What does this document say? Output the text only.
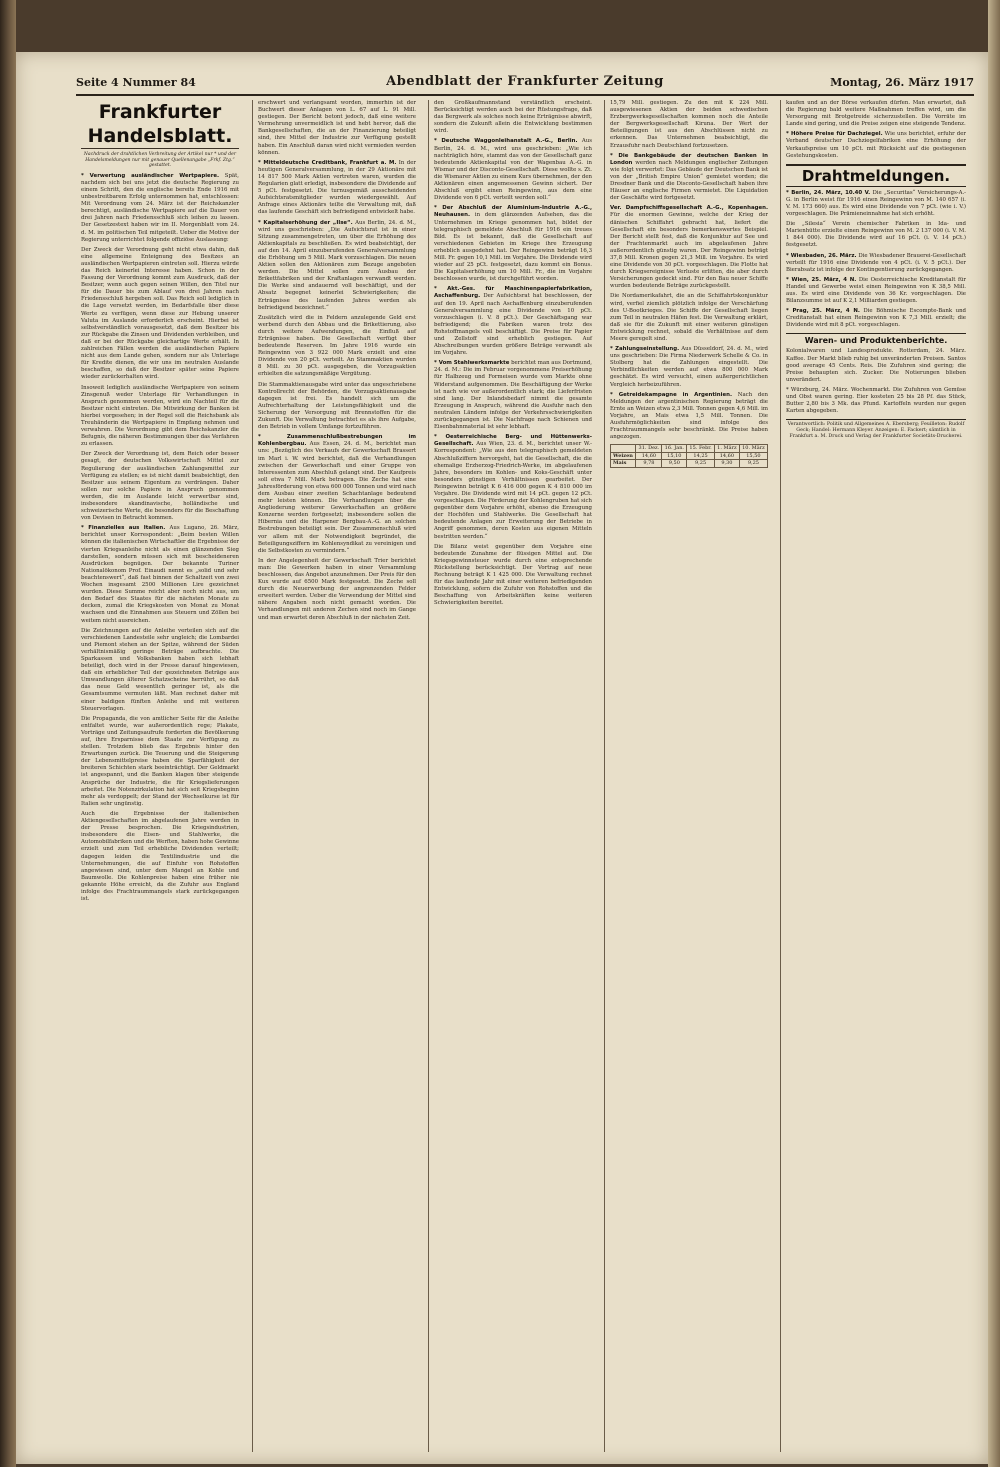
Seite 4 Nummer 84	Abendblatt der Frankfurter Zeitung	Montag, 26. März 1917
Frankfurter Handelsblatt.
Nachdruck der drahtlichen Verbreitung der Artikel nur * und der Handelsmeldungen nur mit genauer Quellenangabe „Frkf. Ztg.“ gestattet.

* Verwertung ausländischer Wertpapiere. Spät, nachdem sich bei uns jetzt die deutsche Regierung zu einem Schritt, den die englische bereits Ende 1916 mit unbestreitbarem Erfolg unternommen hat, entschlossen: Mit Verordnung vom 24. März ist der Reichskanzler berechtigt, ausländische Wertpapiere auf die Dauer von drei Jahren nach Friedensschluß sich leihen zu lassen. Der Gesetzestext haben wir im II. Morgenblatt vom 24. d. M. im politischen Teil mitgeteilt. Ueber die Motive der Regierung unterrichtet folgende offiziöse Auslassung:

Der Zweck der Verordnung geht nicht etwa dahin, daß eine allgemeine Enteignung des Besitzes an ausländischen Wertpapieren eintreten soll. Hierzu würde das Reich keinerlei Interesse haben. Schon in der Fassung der Verordnung kommt zum Ausdruck, daß der Besitzer, wenn auch gegen seinen Willen, den Titel nur für die Dauer bis zum Ablauf von drei Jahren nach Friedensschluß hergeben soll. Das Reich soll lediglich in die Lage versetzt werden, im Bedarfsfalle über diese Werte zu verfügen, wenn diese zur Hebung unserer Valuta im Auslande erforderlich erscheint. Hierbei ist selbstverständlich vorausgesetzt, daß dem Besitzer bis zur Rückgabe die Zinsen und Dividenden verbleiben, und daß er bei der Rückgabe gleichartige Werte erhält. In zahlreichen Fällen werden die ausländischen Papiere nicht aus dem Lande gehen, sondern nur als Unterlage für Kredite dienen, die wir uns im neutralen Auslande beschaffen, so daß der Besitzer später seine Papiere wieder zurückerhalten wird.

Insoweit lediglich ausländische Wertpapiere von seinem Zinsgenuß weder Unterlage für Verhandlungen in Anspruch genommen werden, wird ein Nachteil für die Besitzer nicht eintreten. Die Mitwirkung der Banken ist hierbei vorgesehen; in der Regel soll die Reichsbank als Treuhänderin die Wertpapiere in Empfang nehmen und verwahren. Die Verordnung gibt dem Reichskanzler die Befugnis, die näheren Bestimmungen über das Verfahren zu erlassen.

Der Zweck der Verordnung ist, dem Reich oder besser gesagt, der deutschen Volkswirtschaft Mittel zur Regulierung der ausländischen Zahlungsmittel zur Verfügung zu stellen; es ist nicht damit beabsichtigt, den Besitzer aus seinem Eigentum zu verdrängen. Daher sollen nur solche Papiere in Anspruch genommen werden, die im Auslande leicht verwertbar sind, insbesondere skandinavische, holländische und schweizerische Werte, die besonders für die Beschaffung von Devisen in Betracht kommen.

* Finanzielles aus Italien. Aus Lugano, 26. März, berichtet unser Korrespondent: „Beim besten Willen können die italienischen Wirtschaftler die Ergebnisse der vierten Kriegsanleihe nicht als einen glänzenden Sieg darstellen, sondern müssen sich mit bescheideneren Ausdrücken begnügen. Der bekannte Turiner Nationalökonom Prof. Einaudi nennt es „solid und sehr beachtenswert“, daß fast binnen der Schaltzeit von zwei Wochen insgesamt 2500 Millionen Lire gezeichnet wurden. Diese Summe reicht aber noch nicht aus, um den Bedarf des Staates für die nächsten Monate zu decken, zumal die Kriegskosten von Monat zu Monat wachsen und die Einnahmen aus Steuern und Zöllen bei weitem nicht ausreichen.

Die Zeichnungen auf die Anleihe verteilen sich auf die verschiedenen Landesteile sehr ungleich; die Lombardei und Piemont stehen an der Spitze, während der Süden verhältnismäßig geringe Beträge aufbrachte. Die Sparkassen und Volksbanken haben sich lebhaft beteiligt, doch wird in der Presse darauf hingewiesen, daß ein erheblicher Teil der gezeichneten Beträge aus Umwandlungen älterer Schatzscheine herrührt, so daß das neue Geld wesentlich geringer ist, als die Gesamtsumme vermuten läßt. Man rechnet daher mit einer baldigen fünften Anleihe und mit weiteren Steuervorlagen.

Die Propaganda, die von amtlicher Seite für die Anleihe entfaltet wurde, war außerordentlich rege; Plakate, Vorträge und Zeitungsaufrufe forderten die Bevölkerung auf, ihre Ersparnisse dem Staate zur Verfügung zu stellen. Trotzdem blieb das Ergebnis hinter den Erwartungen zurück. Die Teuerung und die Steigerung der Lebensmittelpreise haben die Sparfähigkeit der breiteren Schichten stark beeinträchtigt. Der Geldmarkt ist angespannt, und die Banken klagen über steigende Ansprüche der Industrie, die für Kriegslieferungen arbeitet. Die Notenzirkulation hat sich seit Kriegsbeginn mehr als verdoppelt; der Stand der Wechselkurse ist für Italien sehr ungünstig.

Auch die Ergebnisse der italienischen Aktiengesellschaften im abgelaufenen Jahre werden in der Presse besprochen. Die Kriegsindustrien, insbesondere die Eisen- und Stahlwerke, die Automobilfabriken und die Werften, haben hohe Gewinne erzielt und zum Teil erhebliche Dividenden verteilt; dagegen leiden die Textilindustrie und die Unternehmungen, die auf Einfuhr von Rohstoffen angewiesen sind, unter dem Mangel an Kohle und Baumwolle. Die Kohlenpreise haben eine früher nie gekannte Höhe erreicht, da die Zufuhr aus England infolge des Frachtraummangels stark zurückgegangen ist.

erschwert und verlangsamt worden, immerhin ist der Buchwert dieser Anlagen von L. 67 auf L. 91 Mill. gestiegen. Der Bericht betont jedoch, daß eine weitere Vermehrung unvermeidlich ist und hebt hervor, daß die Bankgesellschaften, die an der Finanzierung beteiligt sind, ihre Mittel der Industrie zur Verfügung gestellt haben. Ein Anschluß daran wird nicht vermieden werden können.

* Mitteldeutsche Creditbank, Frankfurt a. M. In der heutigen Generalversammlung, in der 29 Aktionäre mit 14 817 500 Mark Aktien vertreten waren, wurden die Regularien glatt erledigt, insbesondere die Dividende auf 5 pCt. festgesetzt. Die turnusgemäß ausscheidenden Aufsichtsratsmitglieder wurden wiedergewählt. Auf Anfrage eines Aktionärs teilte die Verwaltung mit, daß das laufende Geschäft sich befriedigend entwickelt habe.

* Kapitalserhöhung der „Ilse“. Aus Berlin, 24. d. M., wird uns geschrieben: „Die Aufsichtsrat ist in einer Sitzung zusammengetreten, um über die Erhöhung des Aktienkapitals zu beschließen. Es wird beabsichtigt, der auf den 14. April einzuberufenden Generalversammlung die Erhöhung um 5 Mill. Mark vorzuschlagen. Die neuen Aktien sollen den Aktionären zum Bezuge angeboten werden. Die Mittel sollen zum Ausbau der Brikettfabriken und der Kraftanlagen verwandt werden. Die Werke sind andauernd voll beschäftigt, und der Absatz begegnet keinerlei Schwierigkeiten; die Erträgnisse des laufenden Jahres werden als befriedigend bezeichnet.“

Zusätzlich wird die in Feldern anzulegende Geld erst werbend durch den Abbau und die Brikettierung, also durch weitere Aufwendungen, die Einfluß auf Erträgnisse haben. Die Gesellschaft verfügt über bedeutende Reserven. Im Jahre 1916 wurde ein Reingewinn von 3 922 000 Mark erzielt und eine Dividende von 20 pCt. verteilt. An Stammaktien wurden 8 Mill. zu 30 pCt. ausgegeben, die Vorzugsaktien erhielten die satzungsmäßige Vergütung.

Die Stammaktienausgabe wird unter das ungeschriebene Kontrollrecht der Behörden, die Vorzugsaktienausgabe dagegen ist frei. Es handelt sich um die Aufrechterhaltung der Leistungsfähigkeit und die Sicherung der Versorgung mit Brennstoffen für die Zukunft. Die Verwaltung betrachtet es als ihre Aufgabe, den Betrieb in vollem Umfange fortzuführen.

* Zusammenschlußbestrebungen im Kohlenbergbau. Aus Essen, 24. d. M., berichtet man uns: „Bezüglich des Verkaufs der Gewerkschaft Brassert im Marl i. W. wird berichtet, daß die Verhandlungen zwischen der Gewerkschaft und einer Gruppe von Interessenten zum Abschluß gelangt sind. Der Kaufpreis soll etwa 7 Mill. Mark betragen. Die Zeche hat eine Jahresförderung von etwa 600 000 Tonnen und wird nach dem Ausbau einer zweiten Schachtanlage bedeutend mehr leisten können. Die Verhandlungen über die Angliederung weiterer Gewerkschaften an größere Konzerne werden fortgesetzt; insbesondere sollen die Hibernia und die Harpener Bergbau-A.-G. an solchen Bestrebungen beteiligt sein. Der Zusammenschluß wird vor allem mit der Notwendigkeit begründet, die Beteiligungsziffern im Kohlensyndikat zu vereinigen und die Selbstkosten zu vermindern.“

In der Angelegenheit der Gewerkschaft Trier berichtet man: Die Gewerken haben in einer Versammlung beschlossen, das Angebot anzunehmen. Der Preis für den Kux wurde auf 6500 Mark festgesetzt. Die Zeche soll durch die Neuerwerbung der angrenzenden Felder erweitert werden. Ueber die Verwendung der Mittel sind nähere Angaben noch nicht gemacht worden. Die Verhandlungen mit anderen Zechen sind noch im Gange und man erwartet deren Abschluß in der nächsten Zeit.

den Großkaufmannstand verständlich erscheint. Berücksichtigt werden auch bei der Rüstungsfrage, daß das Bergwerk als solches noch keine Erträgnisse abwirft, sondern die Zukunft allein die Entwicklung bestimmen wird.

* Deutsche Waggonleihanstalt A.-G., Berlin. Aus Berlin, 24. d. M., wird uns geschrieben: „Wie ich nachträglich höre, stammt das von der Gesellschaft ganz bedeutende Aktienkapital von der Wagenbau A.-G. in Wismar und der Disconto-Gesellschaft. Diese wollte s. Zt. die Wismarer Aktien zu einem Kurs übernehmen, der den Aktionären einen angemessenen Gewinn sichert. Der Abschluß ergibt einen Reingewinn, aus dem eine Dividende von 6 pCt. verteilt werden soll.“

* Der Abschluß der Aluminium-Industrie A.-G., Neuhausen. in dem glänzenden Aufsehen, das die Unternehmen im Kriege genommen hat, bildet der telegraphisch gemeldete Abschluß für 1916 ein treues Bild. Es ist bekannt, daß die Gesellschaft auf verschiedenen Gebieten im Kriege ihre Erzeugung erheblich ausgedehnt hat. Der Reingewinn beträgt 16,3 Mill. Fr. gegen 10,1 Mill. im Vorjahre. Die Dividende wird wieder auf 25 pCt. festgesetzt, dazu kommt ein Bonus. Die Kapitalserhöhung um 10 Mill. Fr., die im Vorjahre beschlossen wurde, ist durchgeführt worden.

* Akt.-Ges. für Maschinenpapierfabrikation, Aschaffenburg. Der Aufsichtsrat hat beschlossen, der auf den 19. April nach Aschaffenburg einzuberufenden Generalversammlung eine Dividende von 10 pCt. vorzuschlagen (i. V. 8 pCt.). Der Geschäftsgang war befriedigend; die Fabriken waren trotz des Rohstoffmangels voll beschäftigt. Die Preise für Papier und Zellstoff sind erheblich gestiegen. Auf Abschreibungen wurden größere Beträge verwandt als im Vorjahre.

* Vom Stahlwerksmarkte berichtet man aus Dortmund, 24. d. M.: Die im Februar vorgenommene Preiserhöhung für Halbzeug und Formeisen wurde vom Markte ohne Widerstand aufgenommen. Die Beschäftigung der Werke ist nach wie vor außerordentlich stark; die Lieferfristen sind lang. Der Inlandsbedarf nimmt die gesamte Erzeugung in Anspruch, während die Ausfuhr nach den neutralen Ländern infolge der Verkehrsschwierigkeiten zurückgegangen ist. Die Nachfrage nach Schienen und Eisenbahnmaterial ist sehr lebhaft.

* Oesterreichische Berg- und Hüttenwerks-Gesellschaft. Aus Wien, 23. d. M., berichtet unser W.-Korrespondent: „Wie aus den telegraphisch gemeldeten Abschlußziffern hervorgeht, hat die Gesellschaft, die die ehemalige Erzherzog-Friedrich-Werke, im abgelaufenen Jahre, besonders im Kohlen- und Koks-Geschäft unter besonders günstigen Verhältnissen gearbeitet. Der Reingewinn beträgt K 6 416 000 gegen K 4 810 000 im Vorjahre. Die Dividende wird mit 14 pCt. gegen 12 pCt. vorgeschlagen. Die Förderung der Kohlengruben hat sich gegenüber dem Vorjahre erhöht, ebenso die Erzeugung der Hochöfen und Stahlwerke. Die Gesellschaft hat bedeutende Anlagen zur Erweiterung der Betriebe in Angriff genommen, deren Kosten aus eigenen Mitteln bestritten werden.“

Die Bilanz weist gegenüber dem Vorjahre eine bedeutende Zunahme der flüssigen Mittel auf. Die Kriegsgewinnsteuer wurde durch eine entsprechende Rückstellung berücksichtigt. Der Vortrag auf neue Rechnung beträgt K 1 425 000. Die Verwaltung rechnet für das laufende Jahr mit einer weiteren befriedigenden Entwicklung, sofern die Zufuhr von Rohstoffen und die Beschaffung von Arbeitskräften keine weiteren Schwierigkeiten bereitet.

15,79 Mill. gestiegen. Zu den mit K 224 Mill. ausgewiesenen Aktien der beiden schwedischen Erzbergwerksgesellschaften kommen noch die Anteile der Bergwerksgesellschaft Kiruna. Der Wert der Beteiligungen ist aus den Abschlüssen nicht zu erkennen. Das Unternehmen beabsichtigt, die Erzausfuhr nach Deutschland fortzusetzen.

* Die Bankgebäude der deutschen Banken in London werden nach Meldungen englischer Zeitungen wie folgt verwertet: Das Gebäude der Deutschen Bank ist von der „British Empire Union“ gemietet worden; die Dresdner Bank und die Disconto-Gesellschaft haben ihre Häuser an englische Firmen vermietet. Die Liquidation der Geschäfte wird fortgesetzt.

Ver. Dampfschiffsgesellschaft A.-G., Kopenhagen. Für die enormen Gewinne, welche der Krieg der dänischen Schiffahrt gebracht hat, liefert die Gesellschaft ein besonders bemerkenswertes Beispiel. Der Bericht stellt fest, daß die Konjunktur auf See und der Frachtenmarkt auch im abgelaufenen Jahre außerordentlich günstig waren. Der Reingewinn beträgt 37,8 Mill. Kronen gegen 21,3 Mill. im Vorjahre. Es wird eine Dividende von 30 pCt. vorgeschlagen. Die Flotte hat durch Kriegsereignisse Verluste erlitten, die aber durch Versicherungen gedeckt sind. Für den Bau neuer Schiffe wurden bedeutende Beträge zurückgestellt.

Die Nordamerikafahrt, die an die Schiffahrtskonjunktur wird, verfiel ziemlich plötzlich infolge der Verschärfung des U-Bootkrieges. Die Schiffe der Gesellschaft liegen zum Teil in neutralen Häfen fest. Die Verwaltung erklärt, daß sie für die Zukunft mit einer weiteren günstigen Entwicklung rechnet, sobald die Verhältnisse auf dem Meere geregelt sind.

* Zahlungseinstellung. Aus Düsseldorf, 24. d. M., wird uns geschrieben: Die Firma Niederwerk Schelle & Co. in Stolberg hat die Zahlungen eingestellt. Die Verbindlichkeiten werden auf etwa 800 000 Mark geschätzt. Es wird versucht, einen außergerichtlichen Vergleich herbeizuführen.

* Getreidekampagne in Argentinien. Nach den Meldungen der argentinischen Regierung beträgt die Ernte an Weizen etwa 2,3 Mill. Tonnen gegen 4,6 Mill. im Vorjahre, an Mais etwa 1,5 Mill. Tonnen. Die Ausfuhrmöglichkeiten sind infolge des Frachtraummangels sehr beschränkt. Die Preise haben angezogen.

	31. Dez.	16. Jan.	15. Febr.	1. März	10. März
Weizen	14,60	15,10	14,25	14,60	15,50
Mais	9,78	9,50	9,25	9,30	9,25

kaufen und an der Börse verkaufen dürfen. Man erwartet, daß die Regierung bald weitere Maßnahmen treffen wird, um die Versorgung mit Brotgetreide sicherzustellen. Die Vorräte im Lande sind gering, und die Preise zeigen eine steigende Tendenz.

* Höhere Preise für Dachziegel. Wie uns berichtet, erfuhr der Verband deutscher Dachziegelfabriken eine Erhöhung der Verkaufspreise um 10 pCt. mit Rücksicht auf die gestiegenen Gestehungskosten.

Drahtmeldungen.

* Berlin, 24. März, 10.40 V. Die „Securitas“ Versicherungs-A.-G. in Berlin weist für 1916 einen Reingewinn von M. 140 657 (i. V. M. 173 660) aus. Es wird eine Dividende von 7 pCt. (wie i. V.) vorgeschlagen. Die Prämieneinnahme hat sich erhöht.

Die „Silesia“ Verein chemischer Fabriken in Ida- und Marienhütte erzielte einen Reingewinn von M. 2 137 000 (i. V. M. 1 844 000). Die Dividende wird auf 16 pCt. (i. V. 14 pCt.) festgesetzt.

* Wiesbaden, 26. März. Die Wiesbadener Brauerei-Gesellschaft verteilt für 1916 eine Dividende von 4 pCt. (i. V. 5 pCt.). Der Bierabsatz ist infolge der Kontingentierung zurückgegangen.

* Wien, 25. März, 4 N. Die Oesterreichische Kreditanstalt für Handel und Gewerbe weist einen Reingewinn von K 38,5 Mill. aus. Es wird eine Dividende von 36 Kr. vorgeschlagen. Die Bilanzsumme ist auf K 2,1 Milliarden gestiegen.

* Prag, 25. März, 4 N. Die Böhmische Escompte-Bank und Creditanstalt hat einen Reingewinn von K 7,3 Mill. erzielt; die Dividende wird mit 8 pCt. vorgeschlagen.

Waren- und Produktenberichte.

Kolonialwaren und Landesprodukte. Rotterdam, 24. März. Kaffee. Der Markt blieb ruhig bei unveränderten Preisen. Santos good average 45 Cents. Reis. Die Zufuhren sind gering; die Preise behaupten sich. Zucker. Die Notierungen blieben unverändert.

* Würzburg, 24. März. Wochenmarkt. Die Zufuhren von Gemüse und Obst waren gering. Eier kosteten 25 bis 28 Pf. das Stück, Butter 2,80 bis 3 Mk. das Pfund. Kartoffeln wurden nur gegen Karten abgegeben.

Verantwortlich: Politik und Allgemeines A. Ebersberg; Feuilleton: Rudolf Geck; Handel: Hermann Kleyer. Anzeigen: E. Fackert; sämtlich in Frankfurt a. M. Druck und Verlag der Frankfurter Societäts-Druckerei.
